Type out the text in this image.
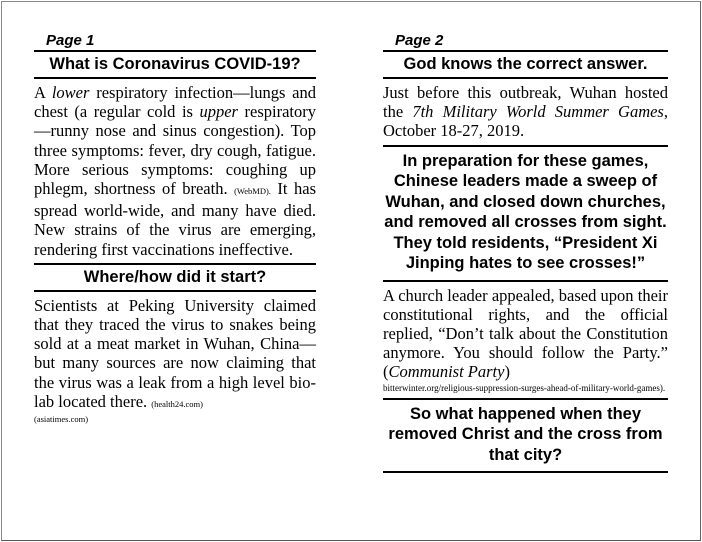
Page 1

What is Coronavirus COVID-19?

A lower respiratory infection—lungs and chest (a regular cold is upper respiratory—runny nose and sinus congestion). Top three symptoms: fever, dry cough, fatigue. More serious symptoms: coughing up phlegm, shortness of breath. (WebMD). It has spread world-wide, and many have died. New strains of the virus are emerging, rendering first vaccinations ineffective.

Where/how did it start?

Scientists at Peking University claimed that they traced the virus to snakes being sold at a meat market in Wuhan, China—but many sources are now claiming that the virus was a leak from a high level bio-lab located there. (health24.com)

(asiatimes.com)

Page 2

God knows the correct answer.

Just before this outbreak, Wuhan hosted the 7th Military World Summer Games, October 18-27, 2019.

In preparation for these games, Chinese leaders made a sweep of Wuhan, and closed down churches, and removed all crosses from sight. They told residents, “President Xi Jinping hates to see crosses!”

A church leader appealed, based upon their constitutional rights, and the official replied, “Don’t talk about the Constitution anymore. You should follow the Party.” (Communist Party)

bitterwinter.org/religious-suppression-surges-ahead-of-military-world-games).

So what happened when they removed Christ and the cross from that city?
